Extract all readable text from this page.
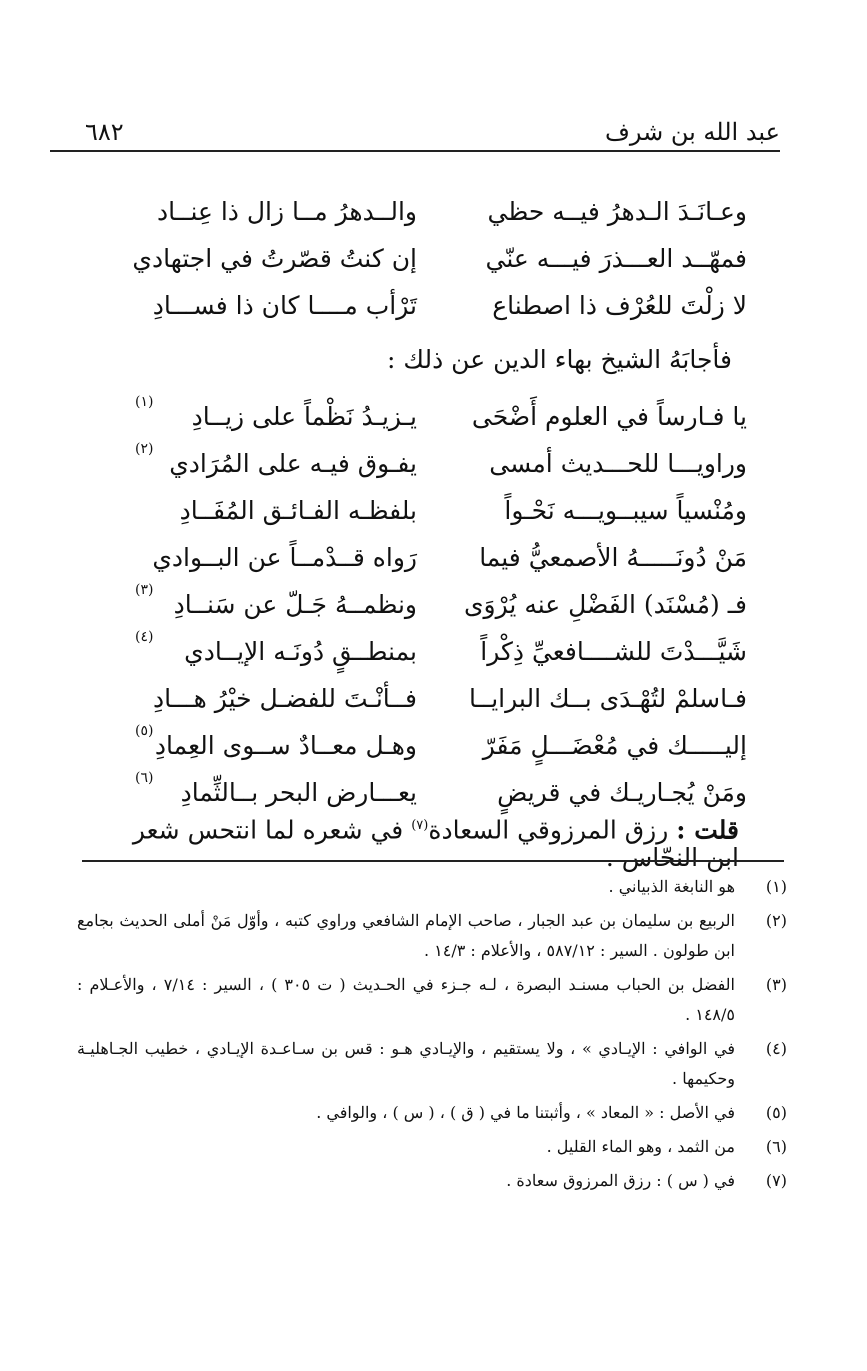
عبد الله بن شرف
٦٨٢
وعـانَـدَ الـدهرُ فيــه حظي
والــدهرُ مــا زال ذا عِنــاد
فمهّــد العـــذرَ فيـــه عنّي
إن كنتُ قصّرتُ في اجتهادي
لا زلْتَ للعُرْف ذا اصطناع
تَرْأب مــــا كان ذا فســـادِ
فأجابَهُ الشيخ بهاء الدين عن ذلك :
يا فـارساً في العلوم أَضْحَى
يـزيـدُ نَظْماً على زيــادِ
(١)
وراويـــا للحـــديث أمسى
يفـوق فيـه على المُرَادي
(٢)
ومُنْسياً سيبــويـــه نَحْـواً
بلفظـه الفـائـق المُفَــادِ
مَنْ دُونَـــــهُ الأصمعيُّ فيما
رَواه قــدْمــاً عن البــوادي
فـ (مُسْنَد) الفَضْلِ عنه يُرْوَى
ونظمــهُ جَـلّ عن سَنــادِ
(٣)
شَيَّـــدْتَ للشــــافعيِّ ذِكْراً
بمنطــقٍ دُونَـه الإيــادي
(٤)
فـاسلمْ لتُهْـدَى بــك البرايــا
فــأنْـتَ للفضـل خيْرُ هـــادِ
إليـــــك في مُعْضَـــلٍ مَفَرّ
وهـل معــادٌ ســوى العِمادِ
(٥)
ومَنْ يُجـاريـك في قريضٍ
يعـــارض البحر بــالثِّمادِ
(٦)
قلت : رزق المرزوقي السعادة$^{(٧)}$ في شعره لما انتحس شعر ابن النحّاس .
(١)
هو النابغة الذبياني .
(٢)
الربيع بن سليمان بن عبد الجبار ، صاحب الإمام الشافعي وراوي كتبه ، وأوّل مَنْ أملى الحديث بجامع ابن طولون . السير : ٥٨٧/١٢ ، والأعلام : ١٤/٣ .
(٣)
الفضل بن الحباب مسنـد البصرة ، لـه جـزء في الحـديث ( ت ٣٠٥ ) ، السير : ٧/١٤ ، والأعـلام : ١٤٨/٥ .
(٤)
في الوافي : الإيـادي » ، ولا يستقيم ، والإيـادي هـو : قس بن سـاعـدة الإيـادي ، خطيب الجـاهليـة وحكيمها .
(٥)
في الأصل : « المعاد » ، وأثبتنا ما في ( ق ) ، ( س ) ، والوافي .
(٦)
من الثمد ، وهو الماء القليل .
(٧)
في ( س ) : رزق المرزوق سعادة .
